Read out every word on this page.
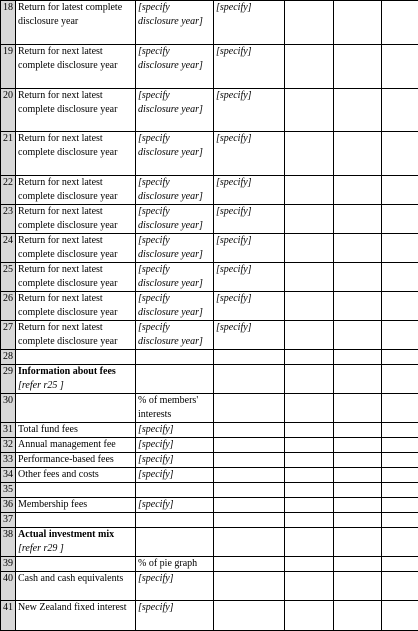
18	Return for latest complete disclosure year	[specify disclosure year]	[specify]			
19	Return for next latest complete disclosure year	[specify disclosure year]	[specify]			
20	Return for next latest complete disclosure year	[specify disclosure year]	[specify]			
21	Return for next latest complete disclosure year	[specify disclosure year]	[specify]			
22	Return for next latest complete disclosure year	[specify disclosure year]	[specify]			
23	Return for next latest complete disclosure year	[specify disclosure year]	[specify]			
24	Return for next latest complete disclosure year	[specify disclosure year]	[specify]			
25	Return for next latest complete disclosure year	[specify disclosure year]	[specify]			
26	Return for next latest complete disclosure year	[specify disclosure year]	[specify]			
27	Return for next latest complete disclosure year	[specify disclosure year]	[specify]			
28						
29	Information about fees [refer r25 ]					
30		% of members' interests				
31	Total fund fees	[specify]				
32	Annual management fee	[specify]				
33	Performance-based fees	[specify]				
34	Other fees and costs	[specify]				
35						
36	Membership fees	[specify]				
37						
38	Actual investment mix [refer r29 ]					
39		% of pie graph				
40	Cash and cash equivalents	[specify]				
41	New Zealand fixed interest	[specify]				
